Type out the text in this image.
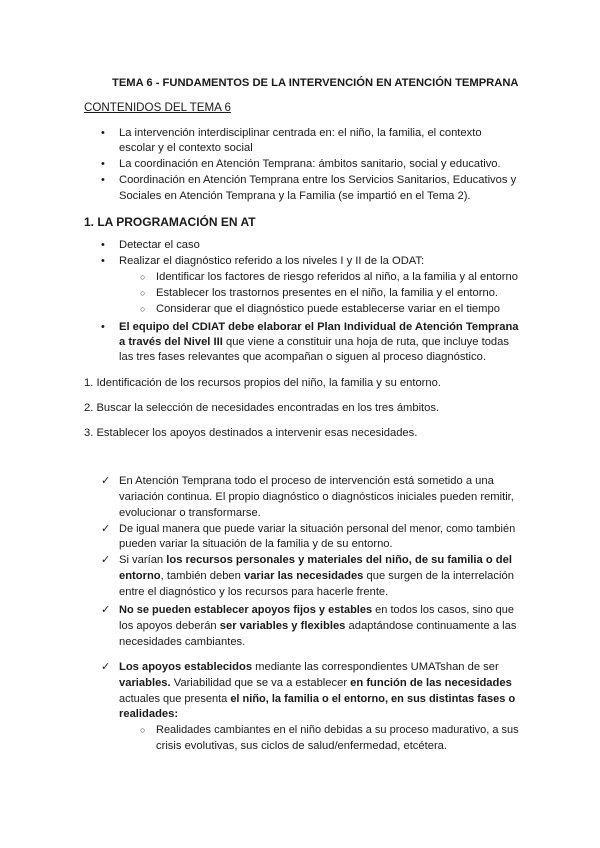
TEMA 6 - FUNDAMENTOS DE LA INTERVENCIÓN EN ATENCIÓN TEMPRANA
CONTENIDOS DEL TEMA 6
• La intervención interdisciplinar centrada en: el niño, la familia, el contexto
escolar y el contexto social
• La coordinación en Atención Temprana: ámbitos sanitario, social y educativo.
• Coordinación en Atención Temprana entre los Servicios Sanitarios, Educativos y
Sociales en Atención Temprana y la Familia (se impartió en el Tema 2).
1. LA PROGRAMACIÓN EN AT
• Detectar el caso
• Realizar el diagnóstico referido a los niveles I y II de la ODAT:
○ Identificar los factores de riesgo referidos al niño, a la familia y al entorno
○ Establecer los trastornos presentes en el niño, la familia y el entorno.
○ Considerar que el diagnóstico puede establecerse variar en el tiempo
• El equipo del CDIAT debe elaborar el Plan Individual de Atención Temprana
a través del Nivel III que viene a constituir una hoja de ruta, que incluye todas
las tres fases relevantes que acompañan o siguen al proceso diagnóstico.
1. Identificación de los recursos propios del niño, la familia y su entorno.
2. Buscar la selección de necesidades encontradas en los tres ámbitos.
3. Establecer los apoyos destinados a intervenir esas necesidades.
✓ En Atención Temprana todo el proceso de intervención está sometido a una
variación continua. El propio diagnóstico o diagnósticos iniciales pueden remitir,
evolucionar o transformarse.
✓ De igual manera que puede variar la situación personal del menor, como también
pueden variar la situación de la familia y de su entorno.
✓ Si varían los recursos personales y materiales del niño, de su familia o del
entorno, también deben variar las necesidades que surgen de la interrelación
entre el diagnóstico y los recursos para hacerle frente.
✓ No se pueden establecer apoyos fijos y estables en todos los casos, sino que
los apoyos deberán ser variables y flexibles adaptándose continuamente a las
necesidades cambiantes.
✓ Los apoyos establecidos mediante las correspondientes UMATshan de ser
variables. Variabilidad que se va a establecer en función de las necesidades
actuales que presenta el niño, la familia o el entorno, en sus distintas fases o
realidades:
○ Realidades cambiantes en el niño debidas a su proceso madurativo, a sus
crisis evolutivas, sus ciclos de salud/enfermedad, etcétera.
